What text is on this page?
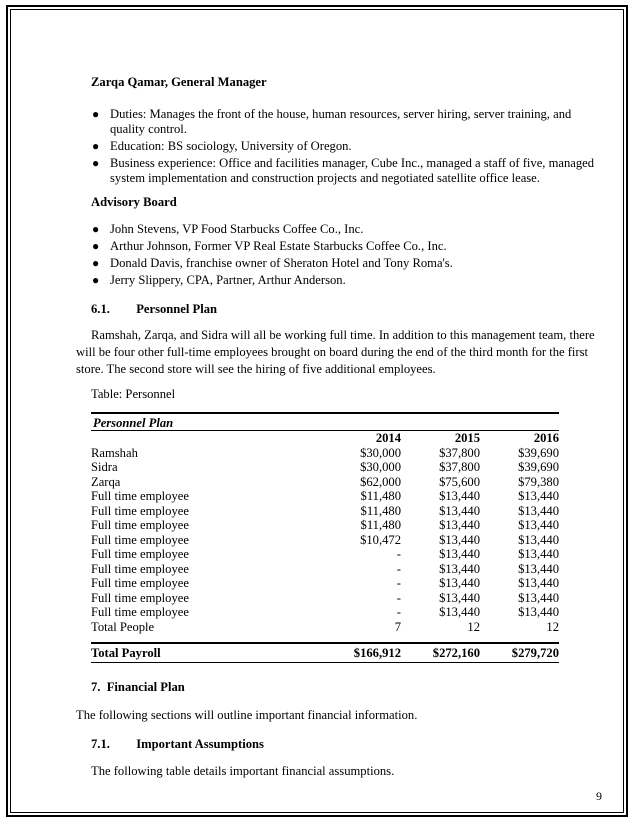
Zarqa Qamar, General Manager
● Duties: Manages the front of the house, human resources, server hiring, server training, and quality control.
● Education: BS sociology, University of Oregon.
● Business experience: Office and facilities manager, Cube Inc., managed a staff of five, managed system implementation and construction projects and negotiated satellite office lease.
Advisory Board
● John Stevens, VP Food Starbucks Coffee Co., Inc.
● Arthur Johnson, Former VP Real Estate Starbucks Coffee Co., Inc.
● Donald Davis, franchise owner of Sheraton Hotel and Tony Roma's.
● Jerry Slippery, CPA, Partner, Arthur Anderson.
6.1. Personnel Plan
Ramshah, Zarqa, and Sidra will all be working full time. In addition to this management team, there will be four other full-time employees brought on board during the end of the third month for the first store. The second store will see the hiring of five additional employees.
Table: Personnel
Personnel Plan
	2014	2015	2016
Ramshah	$30,000	$37,800	$39,690
Sidra	$30,000	$37,800	$39,690
Zarqa	$62,000	$75,600	$79,380
Full time employee	$11,480	$13,440	$13,440
Full time employee	$11,480	$13,440	$13,440
Full time employee	$11,480	$13,440	$13,440
Full time employee	$10,472	$13,440	$13,440
Full time employee	-	$13,440	$13,440
Full time employee	-	$13,440	$13,440
Full time employee	-	$13,440	$13,440
Full time employee	-	$13,440	$13,440
Full time employee	-	$13,440	$13,440
Total People	7	12	12

Total Payroll	$166,912	$272,160	$279,720
7.  Financial Plan
The following sections will outline important financial information.
7.1. Important Assumptions
The following table details important financial assumptions.
9
